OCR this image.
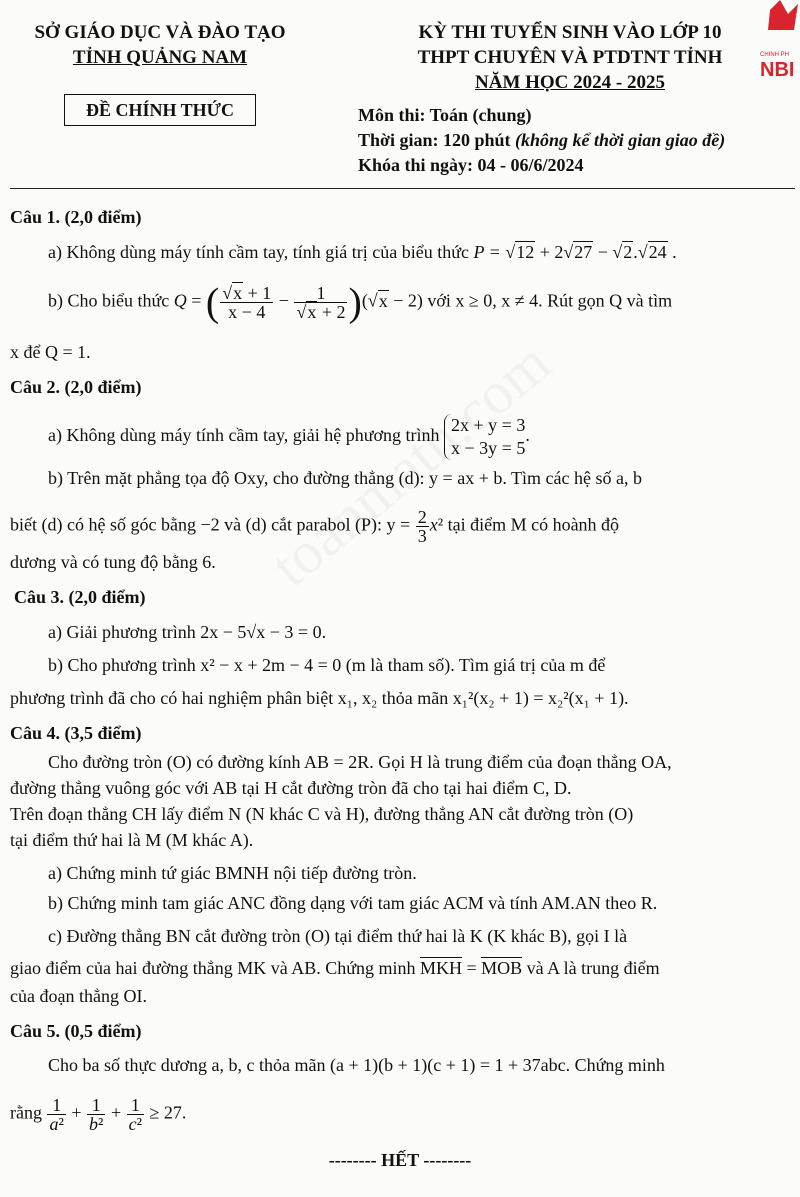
SỞ GIÁO DỤC VÀ ĐÀO TẠO
TỈNH QUẢNG NAM
KỲ THI TUYỂN SINH VÀO LỚP 10
THPT CHUYÊN VÀ PTDTNT TỈNH
NĂM HỌC 2024 - 2025
CHINH PH
NBI
ĐỀ CHÍNH THỨC	Môn thi: Toán (chung)
Thời gian: 120 phút (không kể thời gian giao đề)
Khóa thi ngày: 04 - 06/6/2024
Câu 1. (2,0 điểm)
a) Không dùng máy tính cầm tay, tính giá trị của biểu thức P = √12 + 2√27 − √2.√24 .
b) Cho biểu thức Q = ( $\frac{√x + 1}{x - 4} - \frac{1}{√x + 2} )(√x - 2)$ với x ≥ 0, x ≠ 4. Rút gọn Q và tìm
x để Q = 1.
Câu 2. (2,0 điểm)
a) Không dùng máy tính cầm tay, giải hệ phương trình
2x + y = 3
x − 3y = 5
.
b) Trên mặt phẳng tọa độ Oxy, cho đường thẳng (d): y = ax + b. Tìm các hệ số a, b
biết (d) có hệ số góc bằng −2 và (d) cắt parabol (P): $y = \frac{2}{3} x^2$ tại điểm M có hoành độ
dương và có tung độ bằng 6.
Câu 3. (2,0 điểm)
a) Giải phương trình 2x − 5√x − 3 = 0.
b) Cho phương trình x² − x + 2m − 4 = 0 (m là tham số). Tìm giá trị của m để
phương trình đã cho có hai nghiệm phân biệt x₁, x₂ thỏa mãn x₁²(x₂ + 1) = x₂²(x₁ + 1).
Câu 4. (3,5 điểm)
Cho đường tròn (O) có đường kính AB = 2R. Gọi H là trung điểm của đoạn thẳng OA,
đường thẳng vuông góc với AB tại H cắt đường tròn đã cho tại hai điểm C, D.
Trên đoạn thẳng CH lấy điểm N (N khác C và H), đường thẳng AN cắt đường tròn (O)
tại điểm thứ hai là M (M khác A).
a) Chứng minh tứ giác BMNH nội tiếp đường tròn.
b) Chứng minh tam giác ANC đồng dạng với tam giác ACM và tính AM.AN theo R.
c) Đường thẳng BN cắt đường tròn (O) tại điểm thứ hai là K (K khác B), gọi I là
giao điểm của hai đường thẳng MK và AB. Chứng minh MKH = MOB và A là trung điểm
của đoạn thẳng OI.
Câu 5. (0,5 điểm)
Cho ba số thực dương a, b, c thỏa mãn (a + 1)(b + 1)(c + 1) = 1 + 37abc. Chứng minh
rằng $\frac{1}{\text{a²}} + \frac{1}{\text{b²}} + \frac{1}{\text{c²}} \ge 27$.
-------- HẾT --------
